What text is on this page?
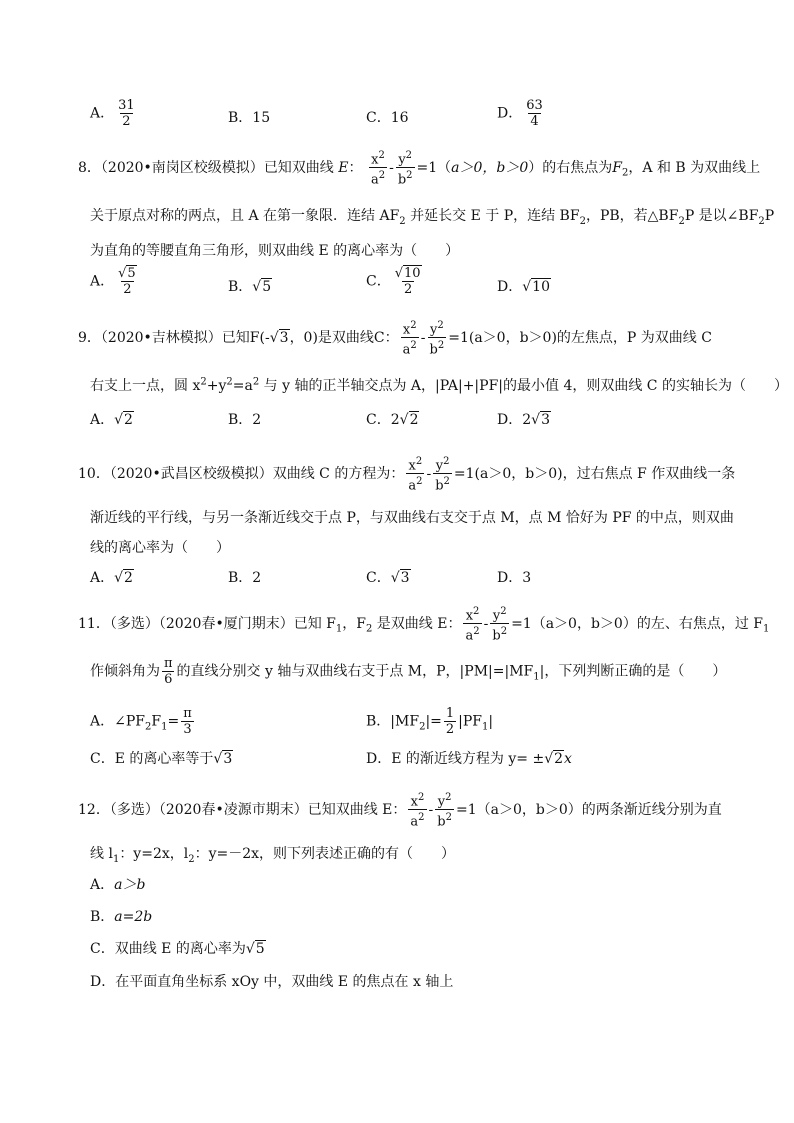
A． $\frac{31}{2}$	B．15	C．16	D． $\frac{63}{4}$
8．（2020•南岗区校级模拟）已知双曲线 E： $\frac{x^2}{a^2} - \frac{y^2}{b^2} =1(a>0$，b＞0）的右焦点为$F_2$，A 和 B 为双曲线上
关于原点对称的两点，且 A 在第一象限．连结 $AF_2$ 并延长交 E 于 P，连结 $BF_2$，PB，若$\triangle BF_2P$ 是以$\angle BF_2P$
为直角的等腰直角三角形，则双曲线 E 的离心率为（　　）
A． $\frac{√5}{2}$	B．√5	C． $\frac{√10}{2}$	D．√10
9．（2020•吉林模拟）已知F(-√3，0)是双曲线C： $\frac{x^2}{a^2} - \frac{y^2}{b^2} =1(a>0$，b＞0)的左焦点，P 为双曲线 C
右支上一点，圆 $x^2+y^2=a^2$ 与 y 轴的正半轴交点为 A，|PA|+|PF|的最小值 4，则双曲线 C 的实轴长为（　　）
A．√2	B．2	C．2√2	D．2√3
10．（2020•武昌区校级模拟）双曲线 C 的方程为： $\frac{x^2}{a^2} - \frac{y^2}{b^2} =1(a>0$，b＞0)，过右焦点 F 作双曲线一条
渐近线的平行线，与另一条渐近线交于点 P，与双曲线右支交于点 M，点 M 恰好为 PF 的中点，则双曲
线的离心率为（　　）
A．√2	B．2	C．√3	D．3
11．（多选）（2020春•厦门期末）已知 $F_1$，$F_2$ 是双曲线 E： $\frac{x^2}{a^2} - \frac{y^2}{b^2} =1(a>0$，b＞0）的左、右焦点，过 $F_1$
作倾斜角为 $\frac{\pi}{6}$ 的直线分别交 y 轴与双曲线右支于点 M，P，$|PM|=|MF_1|$，下列判断正确的是（　　）
A．$\angle PF_2F_1= \frac{\pi}{3}$	B．$|MF_2|= \frac{1}{2} |PF_1|$
C．E 的离心率等于√3	D．E 的渐近线方程为 y= ±√2x
12．（多选）（2020春•凌源市期末）已知双曲线 E： $\frac{x^2}{a^2} - \frac{y^2}{b^2} =1(a>0$，b＞0）的两条渐近线分别为直
线 $l_1$：y=2x，$l_2$：y=－2x，则下列表述正确的有（　　）
A．a＞b
B．a=2b
C．双曲线 E 的离心率为√5
D．在平面直角坐标系 xOy 中，双曲线 E 的焦点在 x 轴上
